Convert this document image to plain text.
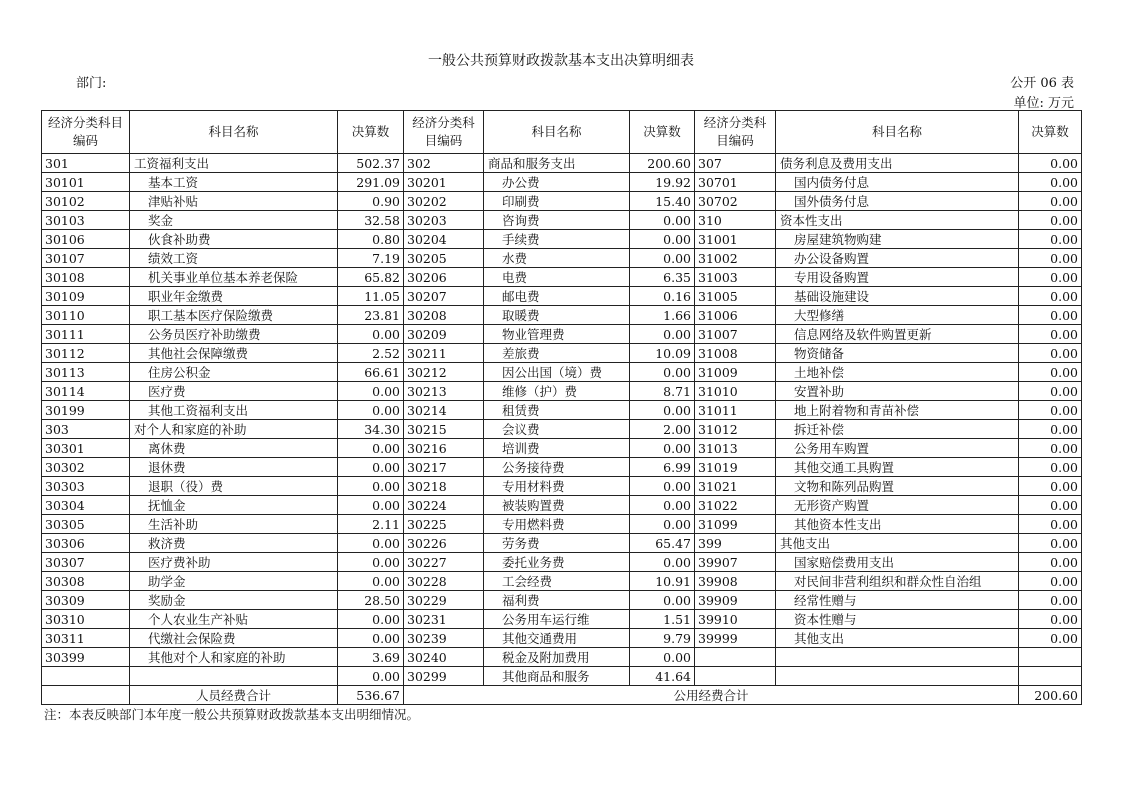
一般公共预算财政拨款基本支出决算明细表
部门:	公开 06 表
单位: 万元
经济分类科目编码	科目名称	决算数	经济分类科目编码	科目名称	决算数	经济分类科目编码	科目名称	决算数
301	工资福利支出	502.37	302	商品和服务支出	200.60	307	债务利息及费用支出	0.00
30101	基本工资	291.09	30201	办公费	19.92	30701	国内债务付息	0.00
30102	津贴补贴	0.90	30202	印刷费	15.40	30702	国外债务付息	0.00
30103	奖金	32.58	30203	咨询费	0.00	310	资本性支出	0.00
30106	伙食补助费	0.80	30204	手续费	0.00	31001	房屋建筑物购建	0.00
30107	绩效工资	7.19	30205	水费	0.00	31002	办公设备购置	0.00
30108	机关事业单位基本养老保险	65.82	30206	电费	6.35	31003	专用设备购置	0.00
30109	职业年金缴费	11.05	30207	邮电费	0.16	31005	基础设施建设	0.00
30110	职工基本医疗保险缴费	23.81	30208	取暖费	1.66	31006	大型修缮	0.00
30111	公务员医疗补助缴费	0.00	30209	物业管理费	0.00	31007	信息网络及软件购置更新	0.00
30112	其他社会保障缴费	2.52	30211	差旅费	10.09	31008	物资储备	0.00
30113	住房公积金	66.61	30212	因公出国（境）费	0.00	31009	土地补偿	0.00
30114	医疗费	0.00	30213	维修（护）费	8.71	31010	安置补助	0.00
30199	其他工资福利支出	0.00	30214	租赁费	0.00	31011	地上附着物和青苗补偿	0.00
303	对个人和家庭的补助	34.30	30215	会议费	2.00	31012	拆迁补偿	0.00
30301	离休费	0.00	30216	培训费	0.00	31013	公务用车购置	0.00
30302	退休费	0.00	30217	公务接待费	6.99	31019	其他交通工具购置	0.00
30303	退职（役）费	0.00	30218	专用材料费	0.00	31021	文物和陈列品购置	0.00
30304	抚恤金	0.00	30224	被装购置费	0.00	31022	无形资产购置	0.00
30305	生活补助	2.11	30225	专用燃料费	0.00	31099	其他资本性支出	0.00
30306	救济费	0.00	30226	劳务费	65.47	399	其他支出	0.00
30307	医疗费补助	0.00	30227	委托业务费	0.00	39907	国家赔偿费用支出	0.00
30308	助学金	0.00	30228	工会经费	10.91	39908	对民间非营利组织和群众性自治组	0.00
30309	奖励金	28.50	30229	福利费	0.00	39909	经常性赠与	0.00
30310	个人农业生产补贴	0.00	30231	公务用车运行维	1.51	39910	资本性赠与	0.00
30311	代缴社会保险费	0.00	30239	其他交通费用	9.79	39999	其他支出	0.00
30399	其他对个人和家庭的补助	3.69	30240	税金及附加费用	0.00			
		0.00	30299	其他商品和服务	41.64			
	人员经费合计	536.67	公用经费合计					200.60
注：本表反映部门本年度一般公共预算财政拨款基本支出明细情况。
